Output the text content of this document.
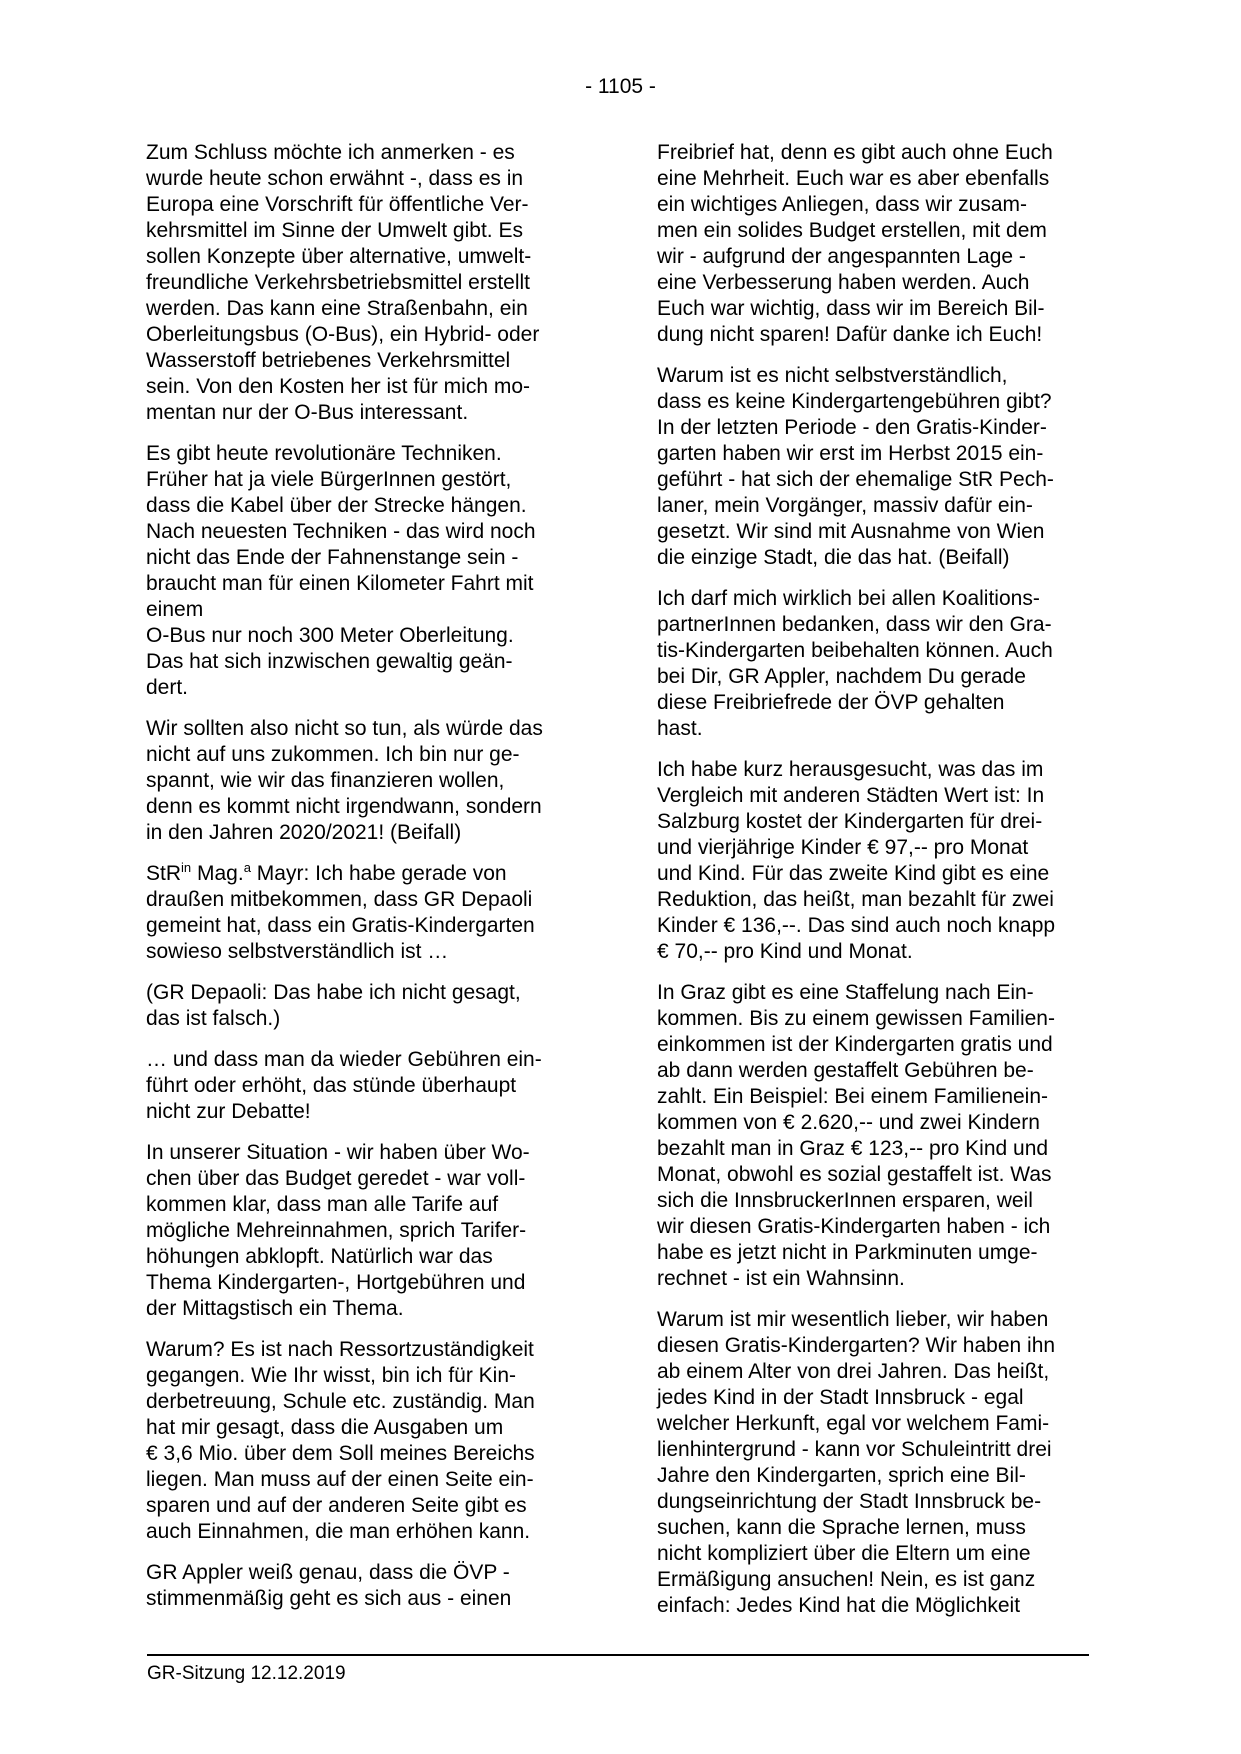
- 1105 -

Zum Schluss möchte ich anmerken - es
wurde heute schon erwähnt -, dass es in
Europa eine Vorschrift für öffentliche Ver-
kehrsmittel im Sinne der Umwelt gibt. Es
sollen Konzepte über alternative, umwelt-
freundliche Verkehrsbetriebsmittel erstellt
werden. Das kann eine Straßenbahn, ein
Oberleitungsbus (O-Bus), ein Hybrid- oder
Wasserstoff betriebenes Verkehrsmittel
sein. Von den Kosten her ist für mich mo-
mentan nur der O-Bus interessant.

Es gibt heute revolutionäre Techniken.
Früher hat ja viele BürgerInnen gestört,
dass die Kabel über der Strecke hängen.
Nach neuesten Techniken - das wird noch
nicht das Ende der Fahnenstange sein -
braucht man für einen Kilometer Fahrt mit
einem
O-Bus nur noch 300 Meter Oberleitung.
Das hat sich inzwischen gewaltig geän-
dert.

Wir sollten also nicht so tun, als würde das
nicht auf uns zukommen. Ich bin nur ge-
spannt, wie wir das finanzieren wollen,
denn es kommt nicht irgendwann, sondern
in den Jahren 2020/2021! (Beifall)

StR$^{in}$ Mag.$^a$ Mayr: Ich habe gerade von
draußen mitbekommen, dass GR Depaoli
gemeint hat, dass ein Gratis-Kindergarten
sowieso selbstverständlich ist …

(GR Depaoli: Das habe ich nicht gesagt,
das ist falsch.)

… und dass man da wieder Gebühren ein-
führt oder erhöht, das stünde überhaupt
nicht zur Debatte!

In unserer Situation - wir haben über Wo-
chen über das Budget geredet - war voll-
kommen klar, dass man alle Tarife auf
mögliche Mehreinnahmen, sprich Tarifer-
höhungen abklopft. Natürlich war das
Thema Kindergarten-, Hortgebühren und
der Mittagstisch ein Thema.

Warum? Es ist nach Ressortzuständigkeit
gegangen. Wie Ihr wisst, bin ich für Kin-
derbetreuung, Schule etc. zuständig. Man
hat mir gesagt, dass die Ausgaben um
€ 3,6 Mio. über dem Soll meines Bereichs
liegen. Man muss auf der einen Seite ein-
sparen und auf der anderen Seite gibt es
auch Einnahmen, die man erhöhen kann.

GR Appler weiß genau, dass die ÖVP -
stimmenmäßig geht es sich aus - einen

Freibrief hat, denn es gibt auch ohne Euch
eine Mehrheit. Euch war es aber ebenfalls
ein wichtiges Anliegen, dass wir zusam-
men ein solides Budget erstellen, mit dem
wir - aufgrund der angespannten Lage -
eine Verbesserung haben werden. Auch
Euch war wichtig, dass wir im Bereich Bil-
dung nicht sparen! Dafür danke ich Euch!

Warum ist es nicht selbstverständlich,
dass es keine Kindergartengebühren gibt?
In der letzten Periode - den Gratis-Kinder-
garten haben wir erst im Herbst 2015 ein-
geführt - hat sich der ehemalige StR Pech-
laner, mein Vorgänger, massiv dafür ein-
gesetzt. Wir sind mit Ausnahme von Wien
die einzige Stadt, die das hat. (Beifall)

Ich darf mich wirklich bei allen Koalitions-
partnerInnen bedanken, dass wir den Gra-
tis-Kindergarten beibehalten können. Auch
bei Dir, GR Appler, nachdem Du gerade
diese Freibriefrede der ÖVP gehalten
hast.

Ich habe kurz herausgesucht, was das im
Vergleich mit anderen Städten Wert ist: In
Salzburg kostet der Kindergarten für drei-
und vierjährige Kinder € 97,-- pro Monat
und Kind. Für das zweite Kind gibt es eine
Reduktion, das heißt, man bezahlt für zwei
Kinder € 136,--. Das sind auch noch knapp
€ 70,-- pro Kind und Monat.

In Graz gibt es eine Staffelung nach Ein-
kommen. Bis zu einem gewissen Familien-
einkommen ist der Kindergarten gratis und
ab dann werden gestaffelt Gebühren be-
zahlt. Ein Beispiel: Bei einem Familienein-
kommen von € 2.620,-- und zwei Kindern
bezahlt man in Graz € 123,-- pro Kind und
Monat, obwohl es sozial gestaffelt ist. Was
sich die InnsbruckerInnen ersparen, weil
wir diesen Gratis-Kindergarten haben - ich
habe es jetzt nicht in Parkminuten umge-
rechnet - ist ein Wahnsinn.

Warum ist mir wesentlich lieber, wir haben
diesen Gratis-Kindergarten? Wir haben ihn
ab einem Alter von drei Jahren. Das heißt,
jedes Kind in der Stadt Innsbruck - egal
welcher Herkunft, egal vor welchem Fami-
lienhintergrund - kann vor Schuleintritt drei
Jahre den Kindergarten, sprich eine Bil-
dungseinrichtung der Stadt Innsbruck be-
suchen, kann die Sprache lernen, muss
nicht kompliziert über die Eltern um eine
Ermäßigung ansuchen! Nein, es ist ganz
einfach: Jedes Kind hat die Möglichkeit

GR-Sitzung 12.12.2019
